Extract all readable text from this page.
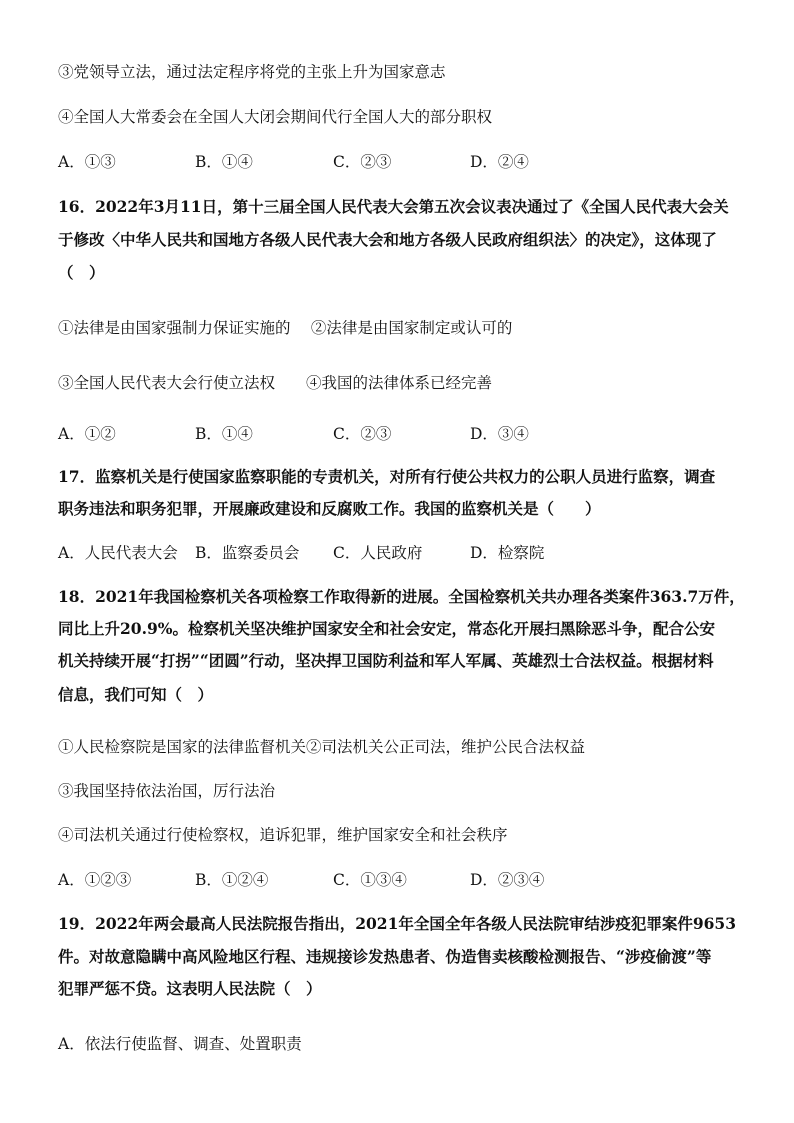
③党领导立法，通过法定程序将党的主张上升为国家意志
④全国人大常委会在全国人大闭会期间代行全国人大的部分职权
A．①③	B．①④	C．②③	D．②④
16．2022年3月11日，第十三届全国人民代表大会第五次会议表决通过了《全国人民代表大会关
于修改〈中华人民共和国地方各级人民代表大会和地方各级人民政府组织法〉的决定》，这体现了
（　）
①法律是由国家强制力保证实施的　 ②法律是由国家制定或认可的
③全国人民代表大会行使立法权　　④我国的法律体系已经完善
A．①②	B．①④	C．②③	D．③④
17．监察机关是行使国家监察职能的专责机关，对所有行使公共权力的公职人员进行监察，调查
职务违法和职务犯罪，开展廉政建设和反腐败工作。我国的监察机关是（　　）
A．人民代表大会 B．监察委员会 C．人民政府	D．检察院
18．2021年我国检察机关各项检察工作取得新的进展。全国检察机关共办理各类案件363.7万件，
同比上升20.9%。检察机关坚决维护国家安全和社会安定，常态化开展扫黑除恶斗争，配合公安
机关持续开展“打拐”“团圆”行动，坚决捍卫国防利益和军人军属、英雄烈士合法权益。根据材料
信息，我们可知（　）
①人民检察院是国家的法律监督机关②司法机关公正司法，维护公民合法权益
③我国坚持依法治国，厉行法治
④司法机关通过行使检察权，追诉犯罪，维护国家安全和社会秩序
A．①②③	B．①②④	C．①③④	D．②③④
19．2022年两会最高人民法院报告指出，2021年全国全年各级人民法院审结涉疫犯罪案件9653
件。对故意隐瞒中高风险地区行程、违规接诊发热患者、伪造售卖核酸检测报告、“涉疫偷渡”等
犯罪严惩不贷。这表明人民法院（　）
A．依法行使监督、调查、处置职责
